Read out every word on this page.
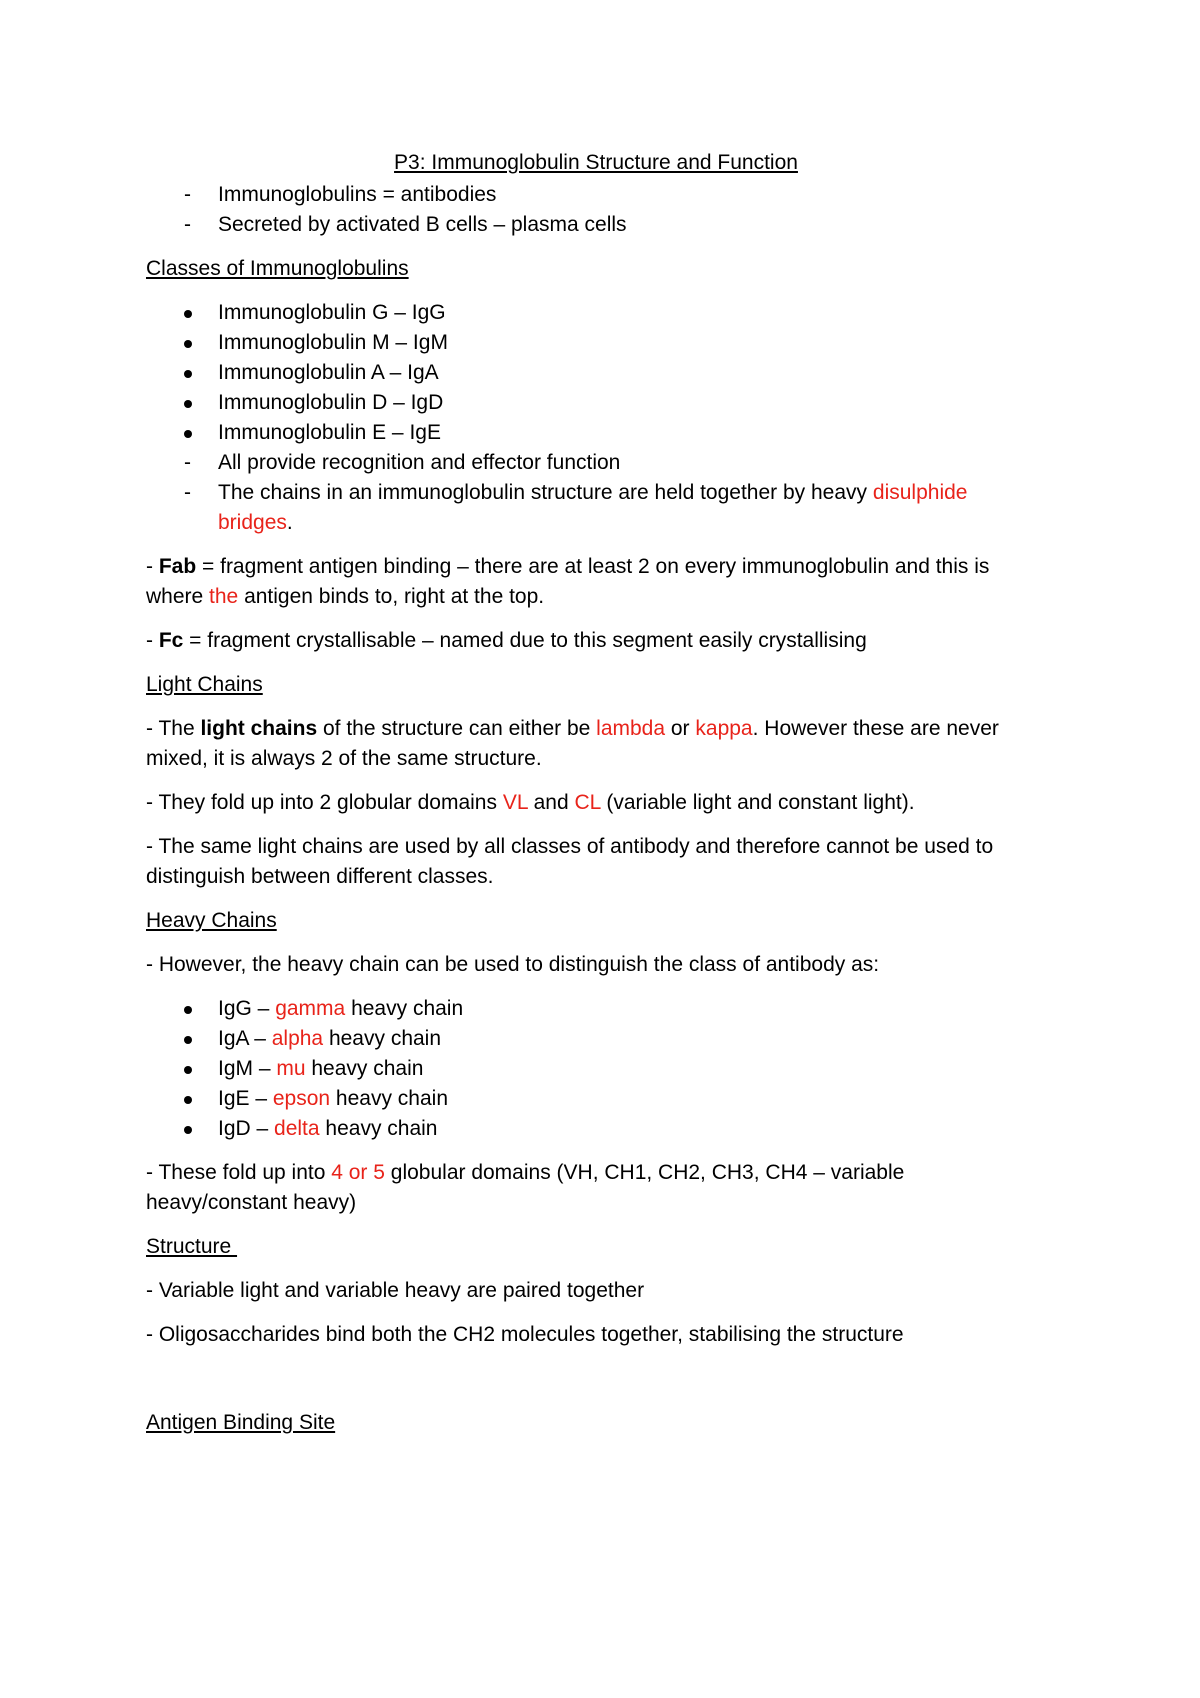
P3: Immunoglobulin Structure and Function
- Immunoglobulins = antibodies
- Secreted by activated B cells – plasma cells
Classes of Immunoglobulins
Immunoglobulin G – IgG
Immunoglobulin M – IgM
Immunoglobulin A – IgA
Immunoglobulin D – IgD
Immunoglobulin E – IgE
- All provide recognition and effector function
- The chains in an immunoglobulin structure are held together by heavy disulphide
bridges.
- Fab = fragment antigen binding – there are at least 2 on every immunoglobulin and this is
where the antigen binds to, right at the top.
- Fc = fragment crystallisable – named due to this segment easily crystallising
Light Chains
- The light chains of the structure can either be lambda or kappa. However these are never
mixed, it is always 2 of the same structure.
- They fold up into 2 globular domains VL and CL (variable light and constant light).
- The same light chains are used by all classes of antibody and therefore cannot be used to
distinguish between different classes.
Heavy Chains
- However, the heavy chain can be used to distinguish the class of antibody as:
IgG – gamma heavy chain
IgA – alpha heavy chain
IgM – mu heavy chain
IgE – epson heavy chain
IgD – delta heavy chain
- These fold up into 4 or 5 globular domains (VH, CH1, CH2, CH3, CH4 – variable
heavy/constant heavy)
Structure
- Variable light and variable heavy are paired together
- Oligosaccharides bind both the CH2 molecules together, stabilising the structure
Antigen Binding Site
